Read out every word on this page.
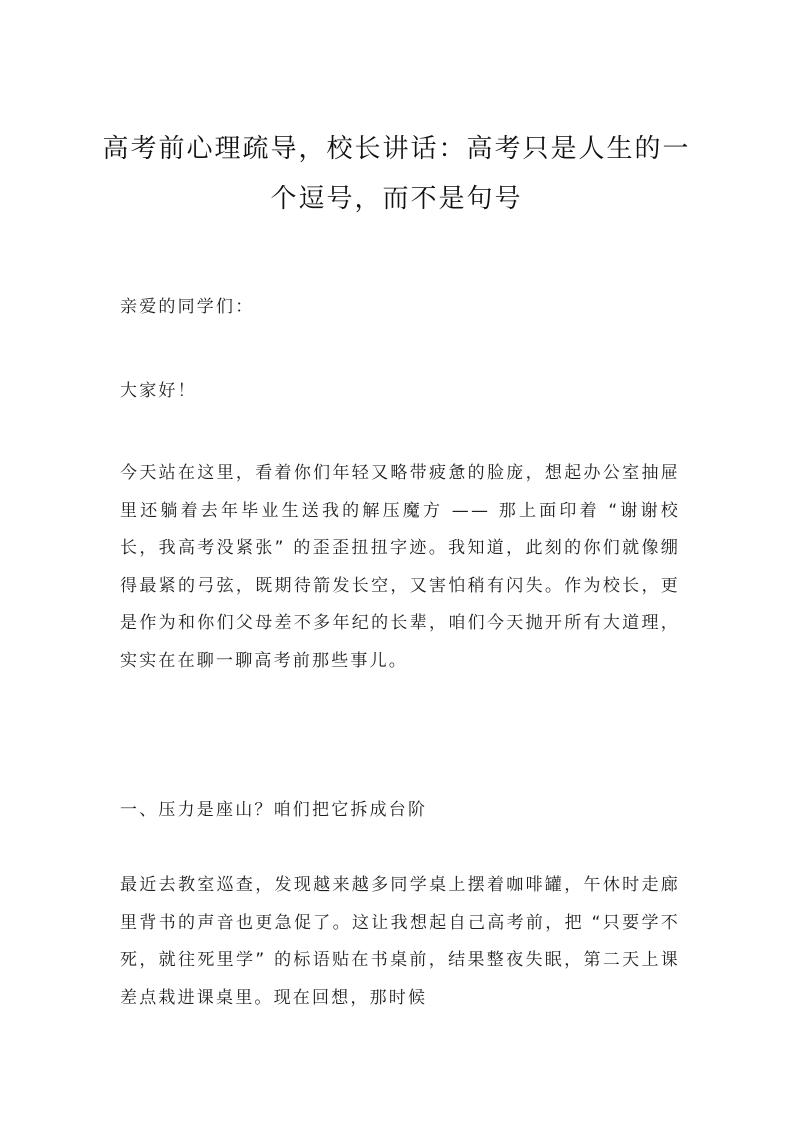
高考前心理疏导，校长讲话：高考只是人生的一个逗号，而不是句号

亲爱的同学们：

大家好！

今天站在这里，看着你们年轻又略带疲惫的脸庞，想起办公室抽屉里还躺着去年毕业生送我的解压魔方 —— 那上面印着 “谢谢校长，我高考没紧张” 的歪歪扭扭字迹。我知道，此刻的你们就像绷得最紧的弓弦，既期待箭发长空，又害怕稍有闪失。作为校长，更是作为和你们父母差不多年纪的长辈，咱们今天抛开所有大道理，实实在在聊一聊高考前那些事儿。

一、压力是座山？咱们把它拆成台阶

最近去教室巡查，发现越来越多同学桌上摆着咖啡罐，午休时走廊里背书的声音也更急促了。这让我想起自己高考前，把 “只要学不死，就往死里学” 的标语贴在书桌前，结果整夜失眠，第二天上课差点栽进课桌里。现在回想，那时候
